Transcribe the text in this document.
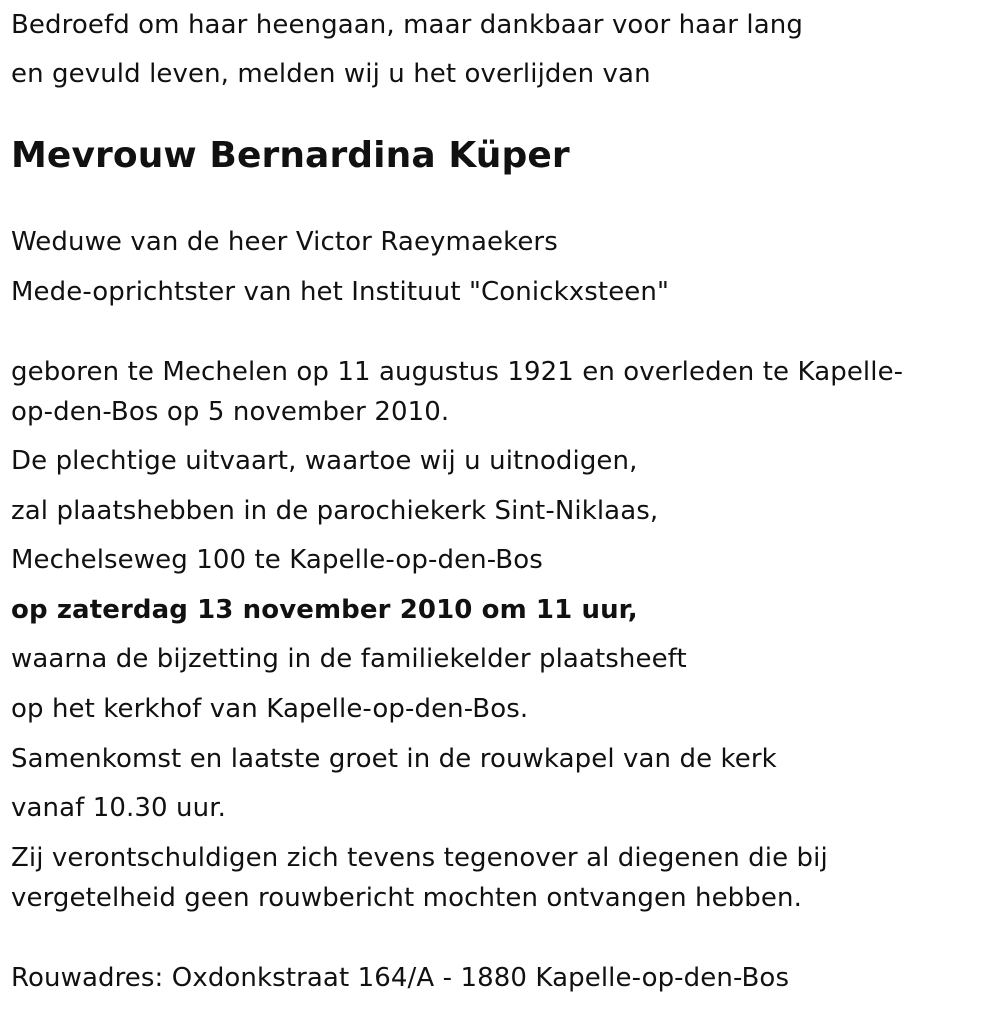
Bedroefd om haar heengaan, maar dankbaar voor haar lang
en gevuld leven, melden wij u het overlijden van
Mevrouw Bernardina Küper
Weduwe van de heer Victor Raeymaekers
Mede-oprichtster van het Instituut "Conickxsteen"
geboren te Mechelen op 11 augustus 1921 en overleden te Kapelle-
op-den-Bos op 5 november 2010.
De plechtige uitvaart, waartoe wij u uitnodigen,
zal plaatshebben in de parochiekerk Sint-Niklaas,
Mechelseweg 100 te Kapelle-op-den-Bos
op zaterdag 13 november 2010 om 11 uur,
waarna de bijzetting in de familiekelder plaatsheeft
op het kerkhof van Kapelle-op-den-Bos.
Samenkomst en laatste groet in de rouwkapel van de kerk
vanaf 10.30 uur.
Zij verontschuldigen zich tevens tegenover al diegenen die bij
vergetelheid geen rouwbericht mochten ontvangen hebben.
Rouwadres: Oxdonkstraat 164/A - 1880 Kapelle-op-den-Bos
